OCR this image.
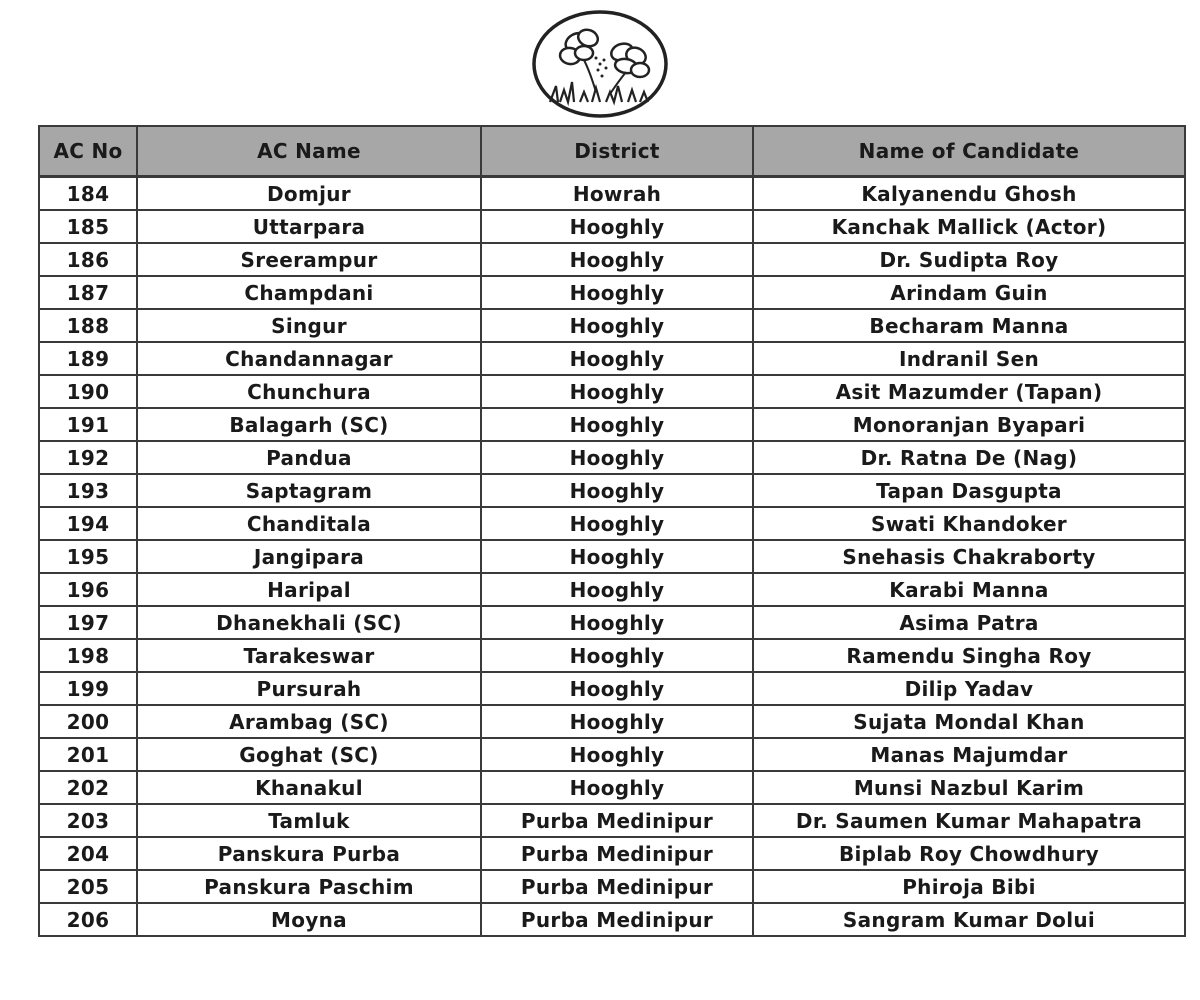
AC No	AC Name	District	Name of Candidate
184	Domjur	Howrah	Kalyanendu Ghosh
185	Uttarpara	Hooghly	Kanchak Mallick (Actor)
186	Sreerampur	Hooghly	Dr. Sudipta Roy
187	Champdani	Hooghly	Arindam Guin
188	Singur	Hooghly	Becharam Manna
189	Chandannagar	Hooghly	Indranil Sen
190	Chunchura	Hooghly	Asit Mazumder (Tapan)
191	Balagarh (SC)	Hooghly	Monoranjan Byapari
192	Pandua	Hooghly	Dr. Ratna De (Nag)
193	Saptagram	Hooghly	Tapan Dasgupta
194	Chanditala	Hooghly	Swati Khandoker
195	Jangipara	Hooghly	Snehasis Chakraborty
196	Haripal	Hooghly	Karabi Manna
197	Dhanekhali (SC)	Hooghly	Asima Patra
198	Tarakeswar	Hooghly	Ramendu Singha Roy
199	Pursurah	Hooghly	Dilip Yadav
200	Arambag (SC)	Hooghly	Sujata Mondal Khan
201	Goghat (SC)	Hooghly	Manas Majumdar
202	Khanakul	Hooghly	Munsi Nazbul Karim
203	Tamluk	Purba Medinipur	Dr. Saumen Kumar Mahapatra
204	Panskura Purba	Purba Medinipur	Biplab Roy Chowdhury
205	Panskura Paschim	Purba Medinipur	Phiroja Bibi
206	Moyna	Purba Medinipur	Sangram Kumar Dolui
